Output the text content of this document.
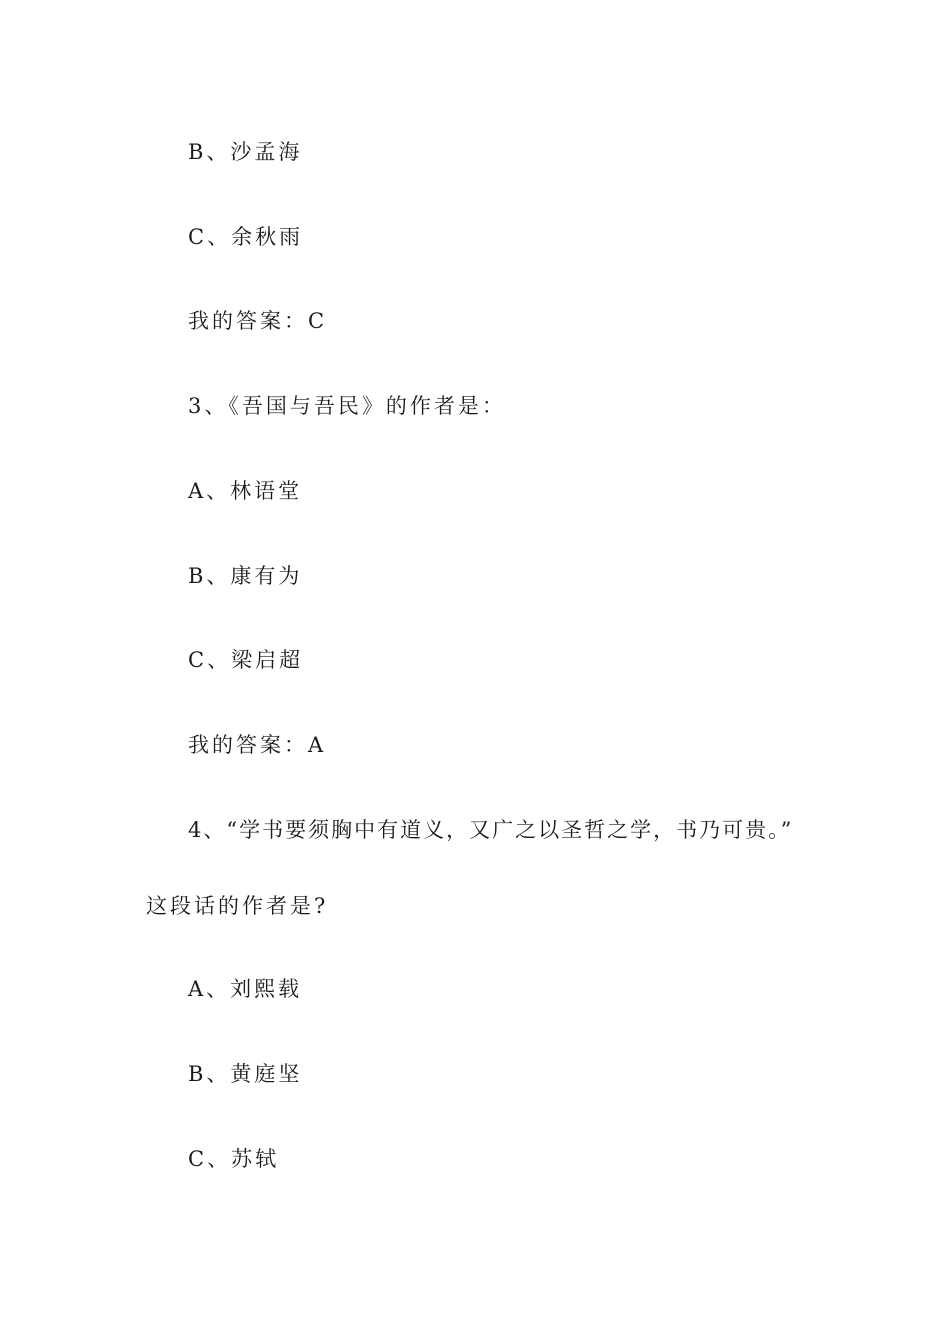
B、沙孟海
C、余秋雨
我的答案：C
3、《吾国与吾民》的作者是：
A、林语堂
B、康有为
C、梁启超
我的答案：A
4、“学书要须胸中有道义，又广之以圣哲之学，书乃可贵。”
这段话的作者是?
A、刘熙载
B、黄庭坚
C、苏轼
